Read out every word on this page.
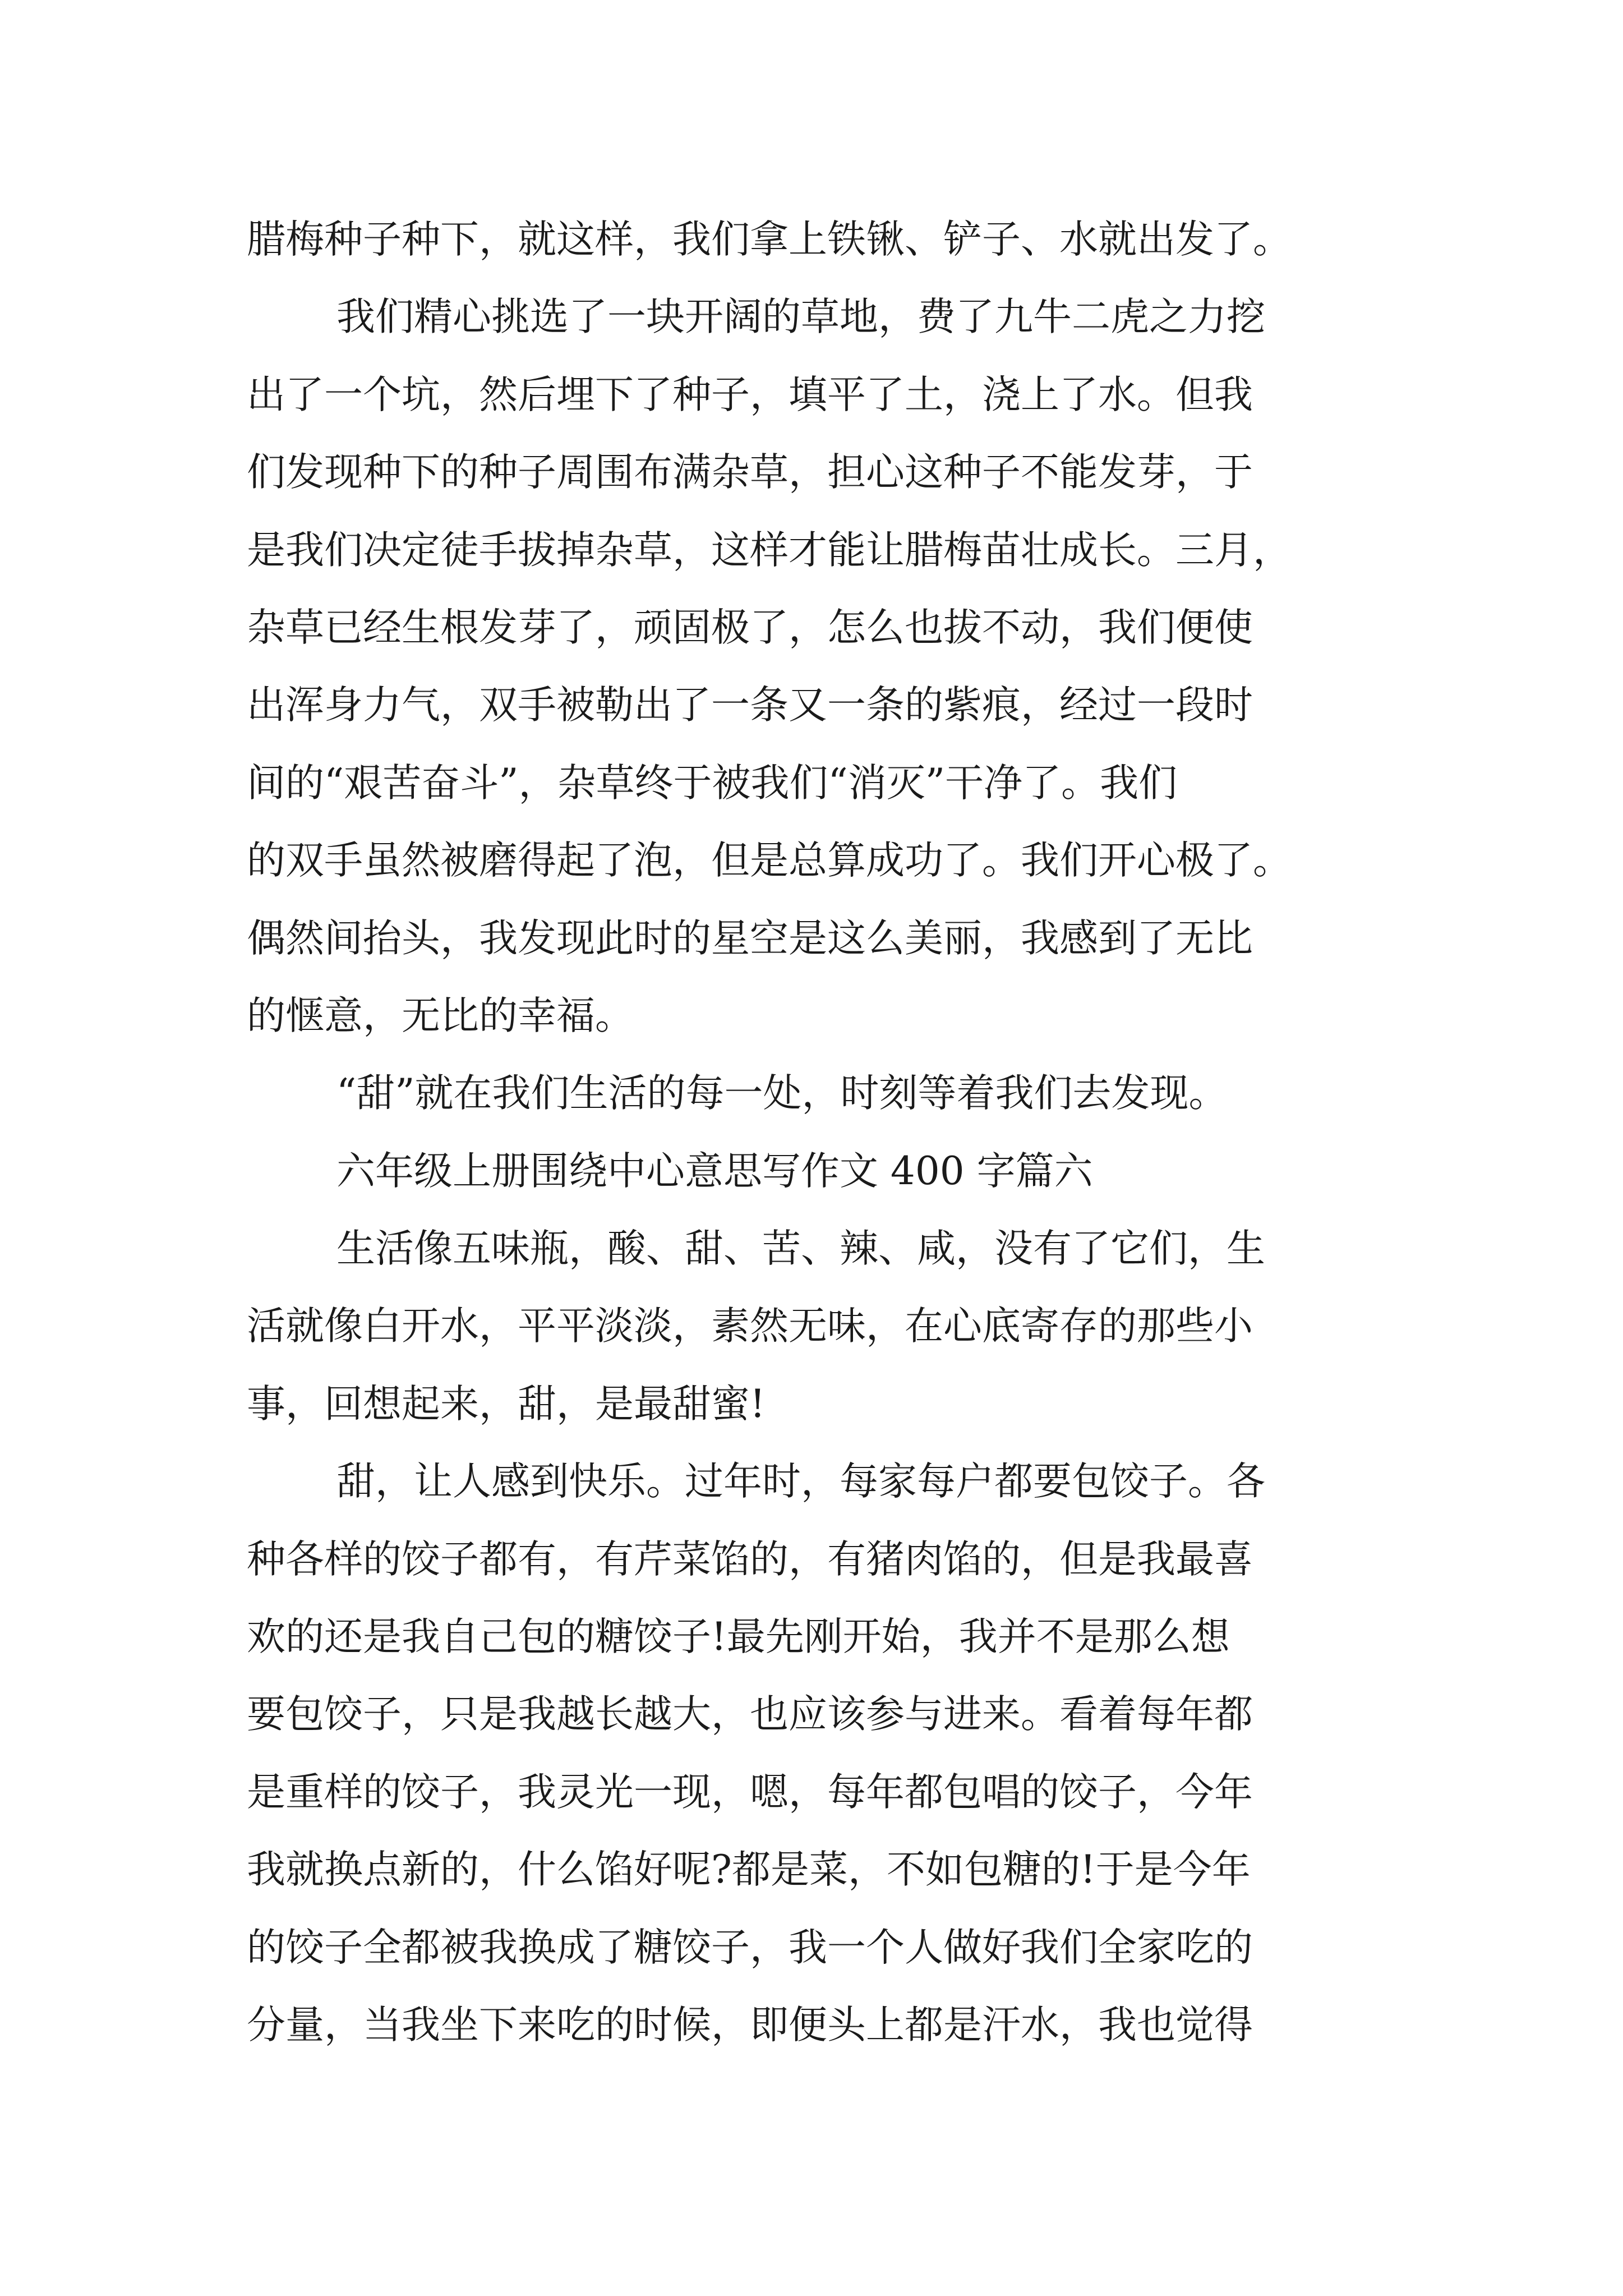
腊梅种子种下，就这样，我们拿上铁锹、铲子、水就出发了。
我们精心挑选了一块开阔的草地，费了九牛二虎之力挖
出了一个坑，然后埋下了种子，填平了土，浇上了水。但我
们发现种下的种子周围布满杂草，担心这种子不能发芽，于
是我们决定徒手拔掉杂草，这样才能让腊梅苗壮成长。三月，
杂草已经生根发芽了，顽固极了，怎么也拔不动，我们便使
出浑身力气，双手被勒出了一条又一条的紫痕，经过一段时
间的“艰苦奋斗”，杂草终于被我们“消灭”干净了。我们
的双手虽然被磨得起了泡，但是总算成功了。我们开心极了。
偶然间抬头，我发现此时的星空是这么美丽，我感到了无比
的惬意，无比的幸福。
“甜”就在我们生活的每一处，时刻等着我们去发现。
六年级上册围绕中心意思写作文 400 字篇六
生活像五味瓶，酸、甜、苦、辣、咸，没有了它们，生
活就像白开水，平平淡淡，素然无味，在心底寄存的那些小
事，回想起来，甜，是最甜蜜!
甜，让人感到快乐。过年时，每家每户都要包饺子。各
种各样的饺子都有，有芹菜馅的，有猪肉馅的，但是我最喜
欢的还是我自己包的糖饺子!最先刚开始，我并不是那么想
要包饺子，只是我越长越大，也应该参与进来。看着每年都
是重样的饺子，我灵光一现，嗯，每年都包唱的饺子，今年
我就换点新的，什么馅好呢?都是菜，不如包糖的!于是今年
的饺子全都被我换成了糖饺子，我一个人做好我们全家吃的
分量，当我坐下来吃的时候，即便头上都是汗水，我也觉得
